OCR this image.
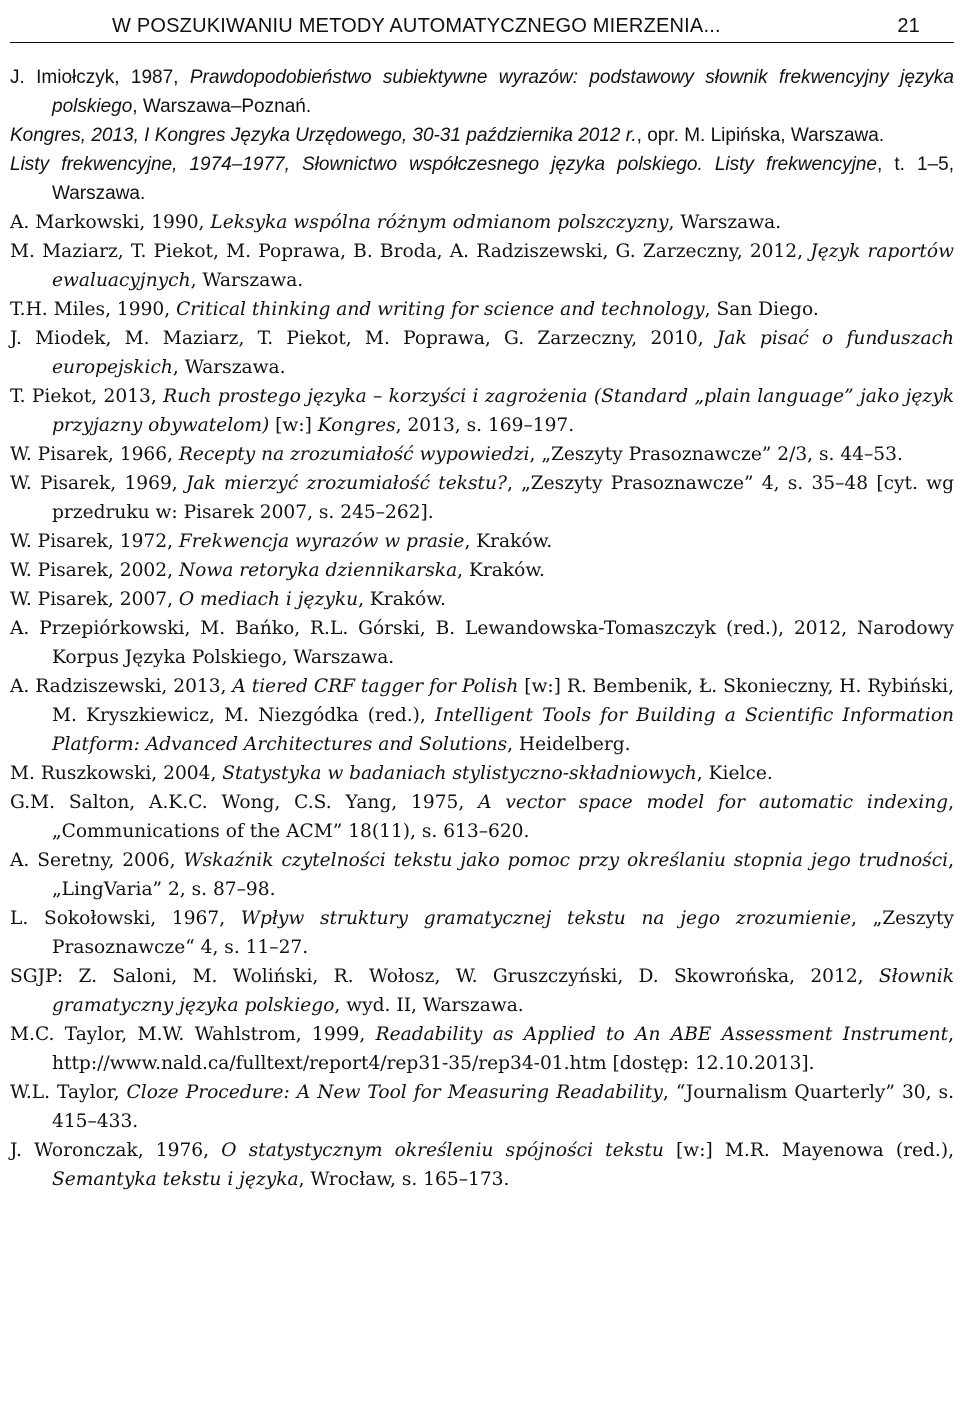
W POSZUKIWANIU METODY AUTOMATYCZNEGO MIERZENIA...	21
J. Imiołczyk, 1987, Prawdopodobieństwo subiektywne wyrazów: podstawowy słownik frekwencyjny języka polskiego, Warszawa–Poznań.
Kongres, 2013, I Kongres Języka Urzędowego, 30-31 października 2012 r., opr. M. Lipińska, Warszawa.
Listy frekwencyjne, 1974–1977, Słownictwo współczesnego języka polskiego. Listy frekwencyjne, t. 1–5, Warszawa.
A. Markowski, 1990, Leksyka wspólna różnym odmianom polszczyzny, Warszawa.
M. Maziarz, T. Piekot, M. Poprawa, B. Broda, A. Radziszewski, G. Zarzeczny, 2012, Język raportów ewaluacyjnych, Warszawa.
T.H. Miles, 1990, Critical thinking and writing for science and technology, San Diego.
J. Miodek, M. Maziarz, T. Piekot, M. Poprawa, G. Zarzeczny, 2010, Jak pisać o funduszach europejskich, Warszawa.
T. Piekot, 2013, Ruch prostego języka – korzyści i zagrożenia (Standard „plain language” jako język przyjazny obywatelom) [w:] Kongres, 2013, s. 169–197.
W. Pisarek, 1966, Recepty na zrozumiałość wypowiedzi, „Zeszyty Prasoznawcze” 2/3, s. 44–53.
W. Pisarek, 1969, Jak mierzyć zrozumiałość tekstu?, „Zeszyty Prasoznawcze” 4, s. 35–48 [cyt. wg przedruku w: Pisarek 2007, s. 245–262].
W. Pisarek, 1972, Frekwencja wyrazów w prasie, Kraków.
W. Pisarek, 2002, Nowa retoryka dziennikarska, Kraków.
W. Pisarek, 2007, O mediach i języku, Kraków.
A. Przepiórkowski, M. Bańko, R.L. Górski, B. Lewandowska-Tomaszczyk (red.), 2012, Narodowy Korpus Języka Polskiego, Warszawa.
A. Radziszewski, 2013, A tiered CRF tagger for Polish [w:] R. Bembenik, Ł. Skonieczny, H. Rybiński, M. Kryszkiewicz, M. Niezgódka (red.), Intelligent Tools for Building a Scientific Information Platform: Advanced Architectures and Solutions, Heidelberg.
M. Ruszkowski, 2004, Statystyka w badaniach stylistyczno-składniowych, Kielce.
G.M. Salton, A.K.C. Wong, C.S. Yang, 1975, A vector space model for automatic indexing, „Communications of the ACM” 18(11), s. 613–620.
A. Seretny, 2006, Wskaźnik czytelności tekstu jako pomoc przy określaniu stopnia jego trudności, „LingVaria” 2, s. 87–98.
L. Sokołowski, 1967, Wpływ struktury gramatycznej tekstu na jego zrozumienie, „Zeszyty Prasoznawcze“ 4, s. 11–27.
SGJP: Z. Saloni, M. Woliński, R. Wołosz, W. Gruszczyński, D. Skowrońska, 2012, Słownik gramatyczny języka polskiego, wyd. II, Warszawa.
M.C. Taylor, M.W. Wahlstrom, 1999, Readability as Applied to An ABE Assessment Instrument, http://www.nald.ca/fulltext/report4/rep31-35/rep34-01.htm [dostęp: 12.10.2013].
W.L. Taylor, Cloze Procedure: A New Tool for Measuring Readability, “Journalism Quarterly” 30, s. 415–433.
J. Woronczak, 1976, O statystycznym określeniu spójności tekstu [w:] M.R. Mayenowa (red.), Semantyka tekstu i języka, Wrocław, s. 165–173.
